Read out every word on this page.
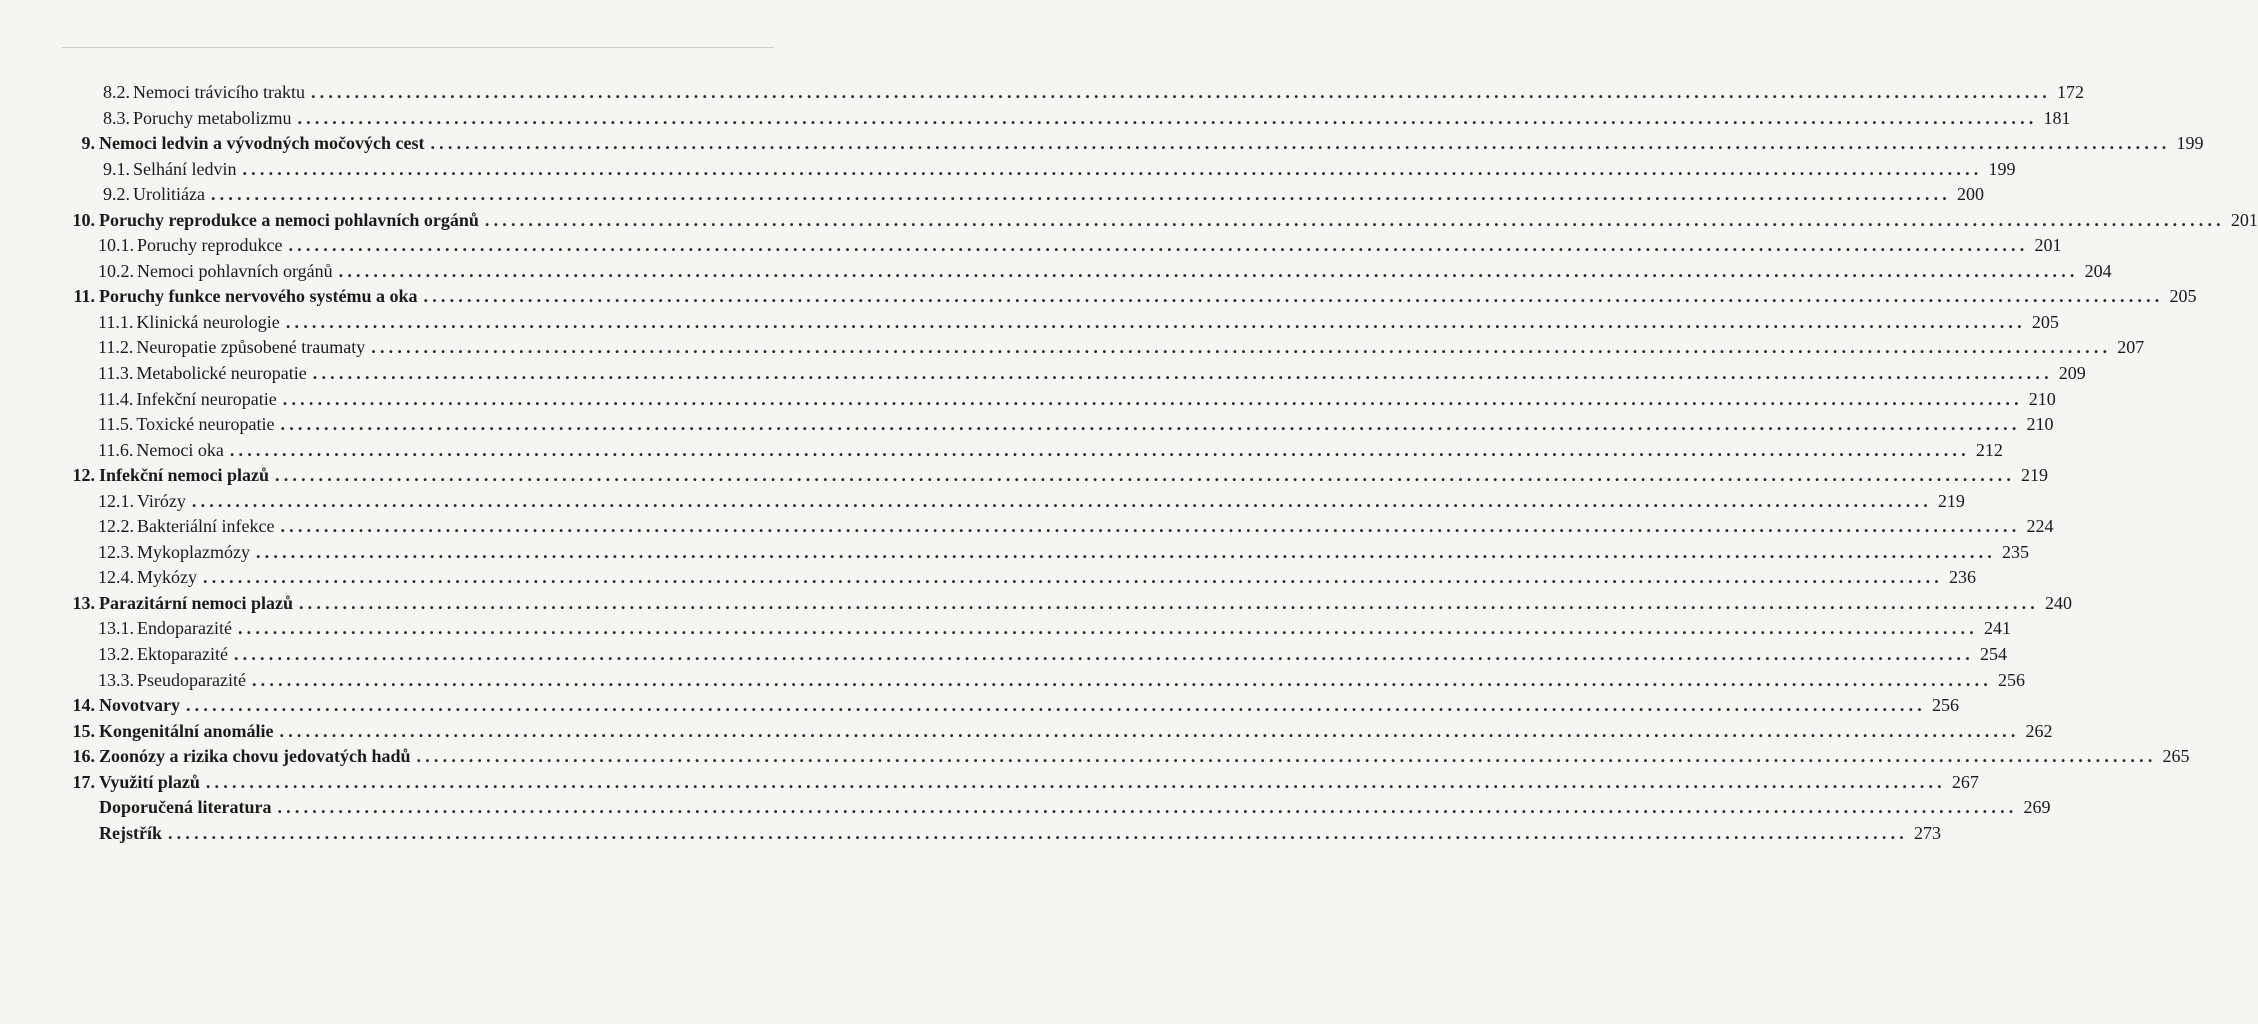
8.2. Nemoci trávicího traktu ........................................................................................................................................................................................................ 172
8.3. Poruchy metabolizmu ........................................................................................................................................................................................................ 181
9. Nemoci ledvin a vývodných močových cest ........................................................................................................................................................................................................ 199
9.1. Selhání ledvin ........................................................................................................................................................................................................ 199
9.2. Urolitiáza ........................................................................................................................................................................................................ 200
10. Poruchy reprodukce a nemoci pohlavních orgánů ........................................................................................................................................................................................................ 201
10.1. Poruchy reprodukce ........................................................................................................................................................................................................ 201
10.2. Nemoci pohlavních orgánů ........................................................................................................................................................................................................ 204
11. Poruchy funkce nervového systému a oka ........................................................................................................................................................................................................ 205
11.1. Klinická neurologie ........................................................................................................................................................................................................ 205
11.2. Neuropatie způsobené traumaty ........................................................................................................................................................................................................ 207
11.3. Metabolické neuropatie ........................................................................................................................................................................................................ 209
11.4. Infekční neuropatie ........................................................................................................................................................................................................ 210
11.5. Toxické neuropatie ........................................................................................................................................................................................................ 210
11.6. Nemoci oka ........................................................................................................................................................................................................ 212
12. Infekční nemoci plazů ........................................................................................................................................................................................................ 219
12.1. Virózy ........................................................................................................................................................................................................ 219
12.2. Bakteriální infekce ........................................................................................................................................................................................................ 224
12.3. Mykoplazmózy ........................................................................................................................................................................................................ 235
12.4. Mykózy ........................................................................................................................................................................................................ 236
13. Parazitární nemoci plazů ........................................................................................................................................................................................................ 240
13.1. Endoparazité ........................................................................................................................................................................................................ 241
13.2. Ektoparazité ........................................................................................................................................................................................................ 254
13.3. Pseudoparazité ........................................................................................................................................................................................................ 256
14. Novotvary ........................................................................................................................................................................................................ 256
15. Kongenitální anomálie ........................................................................................................................................................................................................ 262
16. Zoonózy a rizika chovu jedovatých hadů ........................................................................................................................................................................................................ 265
17. Využití plazů ........................................................................................................................................................................................................ 267
Doporučená literatura ........................................................................................................................................................................................................ 269
Rejstřík ........................................................................................................................................................................................................ 273
